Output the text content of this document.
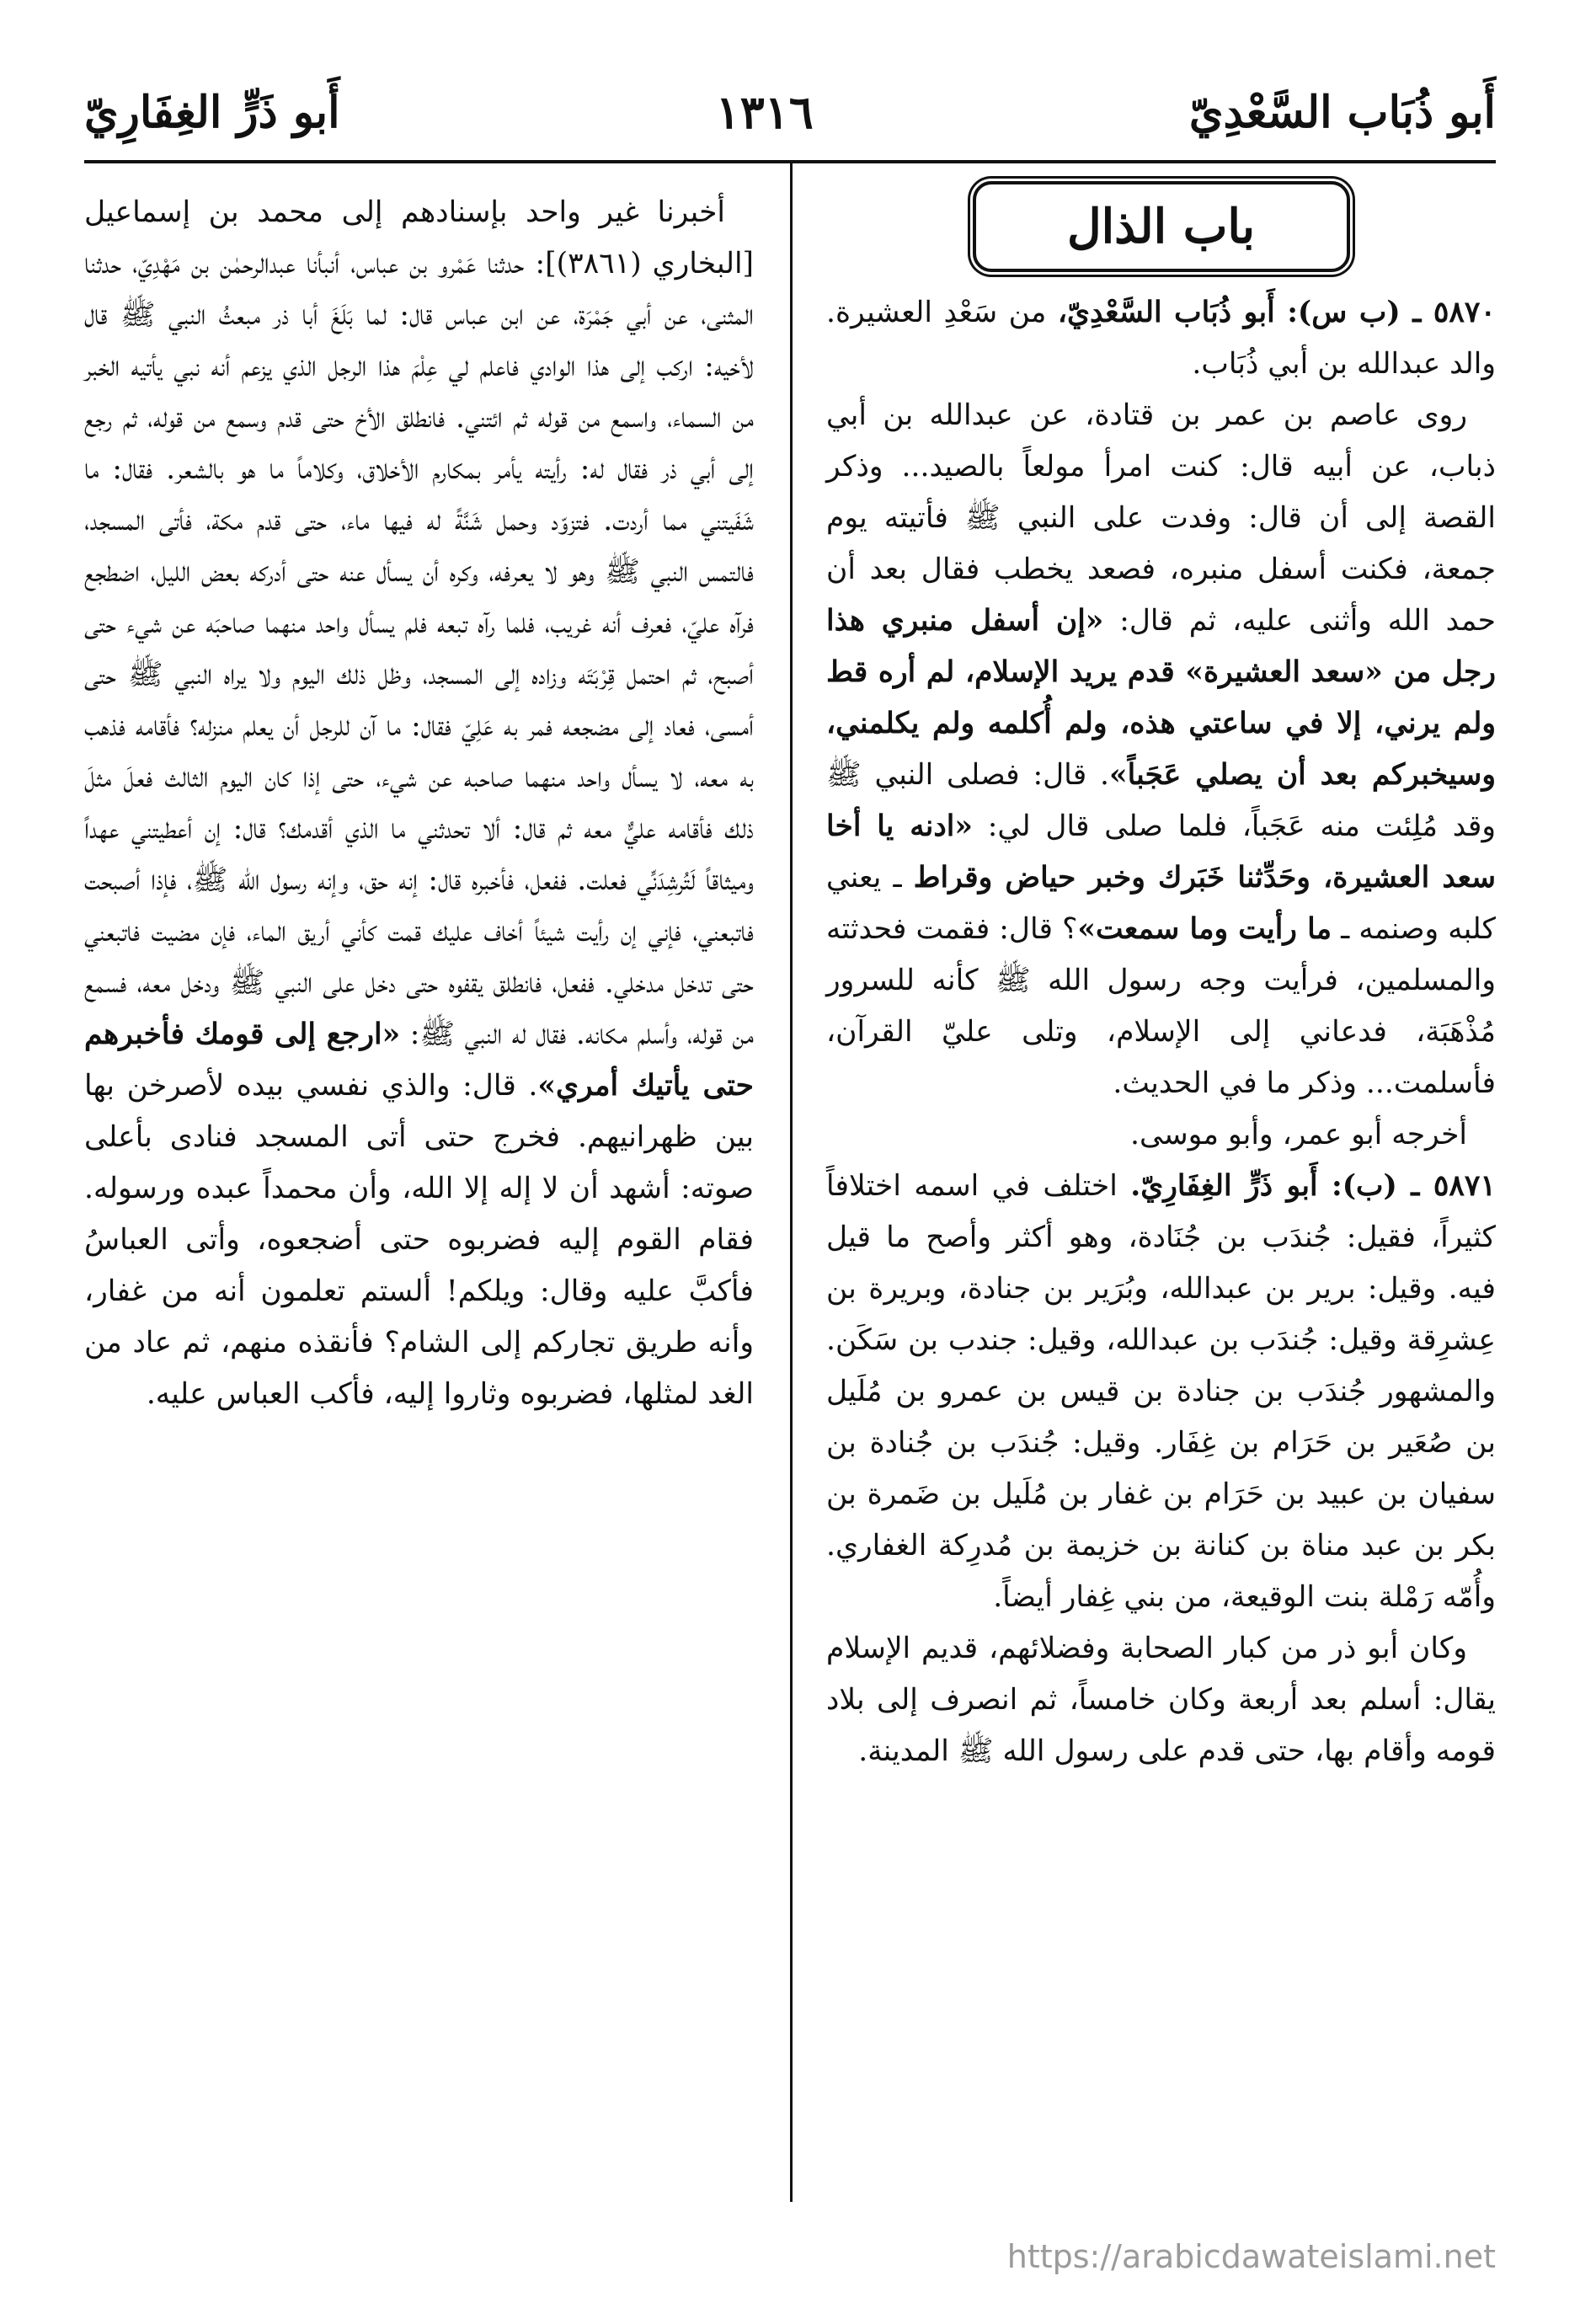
أَبو ذُبَاب السَّعْدِيّ
١٣١٦
أَبو ذَرٍّ الغِفَارِيّ
باب الذال

٥٨٧٠ ـ (ب س): أَبو ذُبَاب السَّعْدِيّ، من سَعْدِ العشيرة. والد عبدالله بن أبي ذُبَاب.

روى عاصم بن عمر بن قتادة، عن عبدالله بن أبي ذباب، عن أبيه قال: كنت امرأ مولعاً بالصيد... وذكر القصة إلى أن قال: وفدت على النبي ﷺ فأتيته يوم جمعة، فكنت أسفل منبره، فصعد يخطب فقال بعد أن حمد الله وأثنى عليه، ثم قال: «إن أسفل منبري هذا رجل من «سعد العشيرة» قدم يريد الإسلام، لم أره قط ولم يرني، إلا في ساعتي هذه، ولم أُكلمه ولم يكلمني، وسيخبركم بعد أن يصلي عَجَباً». قال: فصلى النبي ﷺ وقد مُلِئت منه عَجَباً، فلما صلى قال لي: «ادنه يا أخا سعد العشيرة، وحَدِّثنا خَبَرك وخبر حياض وقراط ـ يعني كلبه وصنمه ـ ما رأيت وما سمعت»؟ قال: فقمت فحدثته والمسلمين، فرأيت وجه رسول الله ﷺ كأنه للسرور مُذْهَبَة، فدعاني إلى الإسلام، وتلى عليّ القرآن، فأسلمت... وذكر ما في الحديث.

أخرجه أبو عمر، وأبو موسى.

٥٨٧١ ـ (ب): أَبو ذَرٍّ الغِفَارِيّ. اختلف في اسمه اختلافاً كثيراً، فقيل: جُندَب بن جُنَادة، وهو أكثر وأصح ما قيل فيه. وقيل: برير بن عبدالله، وبُرَير بن جنادة، وبريرة بن عِشرِقة وقيل: جُندَب بن عبدالله، وقيل: جندب بن سَكَن. والمشهور جُندَب بن جنادة بن قيس بن عمرو بن مُلَيل بن صُعَير بن حَرَام بن غِفَار. وقيل: جُندَب بن جُنادة بن سفيان بن عبيد بن حَرَام بن غفار بن مُلَيل بن ضَمرة بن بكر بن عبد مناة بن كنانة بن خزيمة بن مُدرِكة الغفاري. وأُمّه رَمْلة بنت الوقيعة، من بني غِفار أيضاً.

وكان أبو ذر من كبار الصحابة وفضلائهم، قديم الإسلام يقال: أسلم بعد أربعة وكان خامساً، ثم انصرف إلى بلاد قومه وأقام بها، حتى قدم على رسول الله ﷺ المدينة.

أخبرنا غير واحد بإسنادهم إلى محمد بن إسماعيل [البخاري (٣٨٦١)]: حدثنا عَمْرو بن عباس، أنبأنا عبدالرحمٰن بن مَهْدِيّ، حدثنا المثنى، عن أبي جَمْرَة، عن ابن عباس قال: لما بَلَغَ أبا ذر مبعثُ النبي ﷺ قال لأخيه: اركب إلى هذا الوادي فاعلم لي عِلْمَ هذا الرجل الذي يزعم أنه نبي يأتيه الخبر من السماء، واسمع من قوله ثم ائتني. فانطلق الأخ حتى قدم وسمع من قوله، ثم رجع إلى أبي ذر فقال له: رأيته يأمر بمكارم الأخلاق، وكلاماً ما هو بالشعر. فقال: ما شَفَيتني مما أردت. فتزوّد وحمل شَنَّةً له فيها ماء، حتى قدم مكة، فأتى المسجد، فالتمس النبي ﷺ وهو لا يعرفه، وكره أن يسأل عنه حتى أدركه بعض الليل، اضطجع فرآه عليّ، فعرف أنه غريب، فلما رآه تبعه فلم يسأل واحد منهما صاحبَه عن شيء حتى أصبح، ثم احتمل قِرْبَتَه وزاده إلى المسجد، وظل ذلك اليوم ولا يراه النبي ﷺ حتى أمسى، فعاد إلى مضجعه فمر به عَلِيّ فقال: ما آن للرجل أن يعلم منزله؟ فأقامه فذهب به معه، لا يسأل واحد منهما صاحبه عن شيء، حتى إذا كان اليوم الثالث فعلَ مثلَ ذلك فأقامه عليٌّ معه ثم قال: ألا تحدثني ما الذي أقدمك؟ قال: إن أعطيتني عهداً وميثاقاً لَتُرشِدَنِّي فعلت. ففعل، فأخبره قال: إنه حق، وإنه رسول الله ﷺ، فإذا أصبحت فاتبعني، فإني إن رأيت شيئاً أخاف عليك قمت كأني أريق الماء، فإن مضيت فاتبعني حتى تدخل مدخلي. ففعل، فانطلق يقفوه حتى دخل على النبي ﷺ ودخل معه، فسمع من قوله، وأسلم مكانه. فقال له النبي ﷺ: «ارجع إلى قومك فأخبرهم حتى يأتيك أمري». قال: والذي نفسي بيده لأصرخن بها بين ظهرانيهم. فخرج حتى أتى المسجد فنادى بأعلى صوته: أشهد أن لا إله إلا الله، وأن محمداً عبده ورسوله. فقام القوم إليه فضربوه حتى أضجعوه، وأتى العباسُ فأكبَّ عليه وقال: ويلكم! ألستم تعلمون أنه من غفار، وأنه طريق تجاركم إلى الشام؟ فأنقذه منهم، ثم عاد من الغد لمثلها، فضربوه وثاروا إليه، فأكب العباس عليه.

https://arabicdawateislami.net
